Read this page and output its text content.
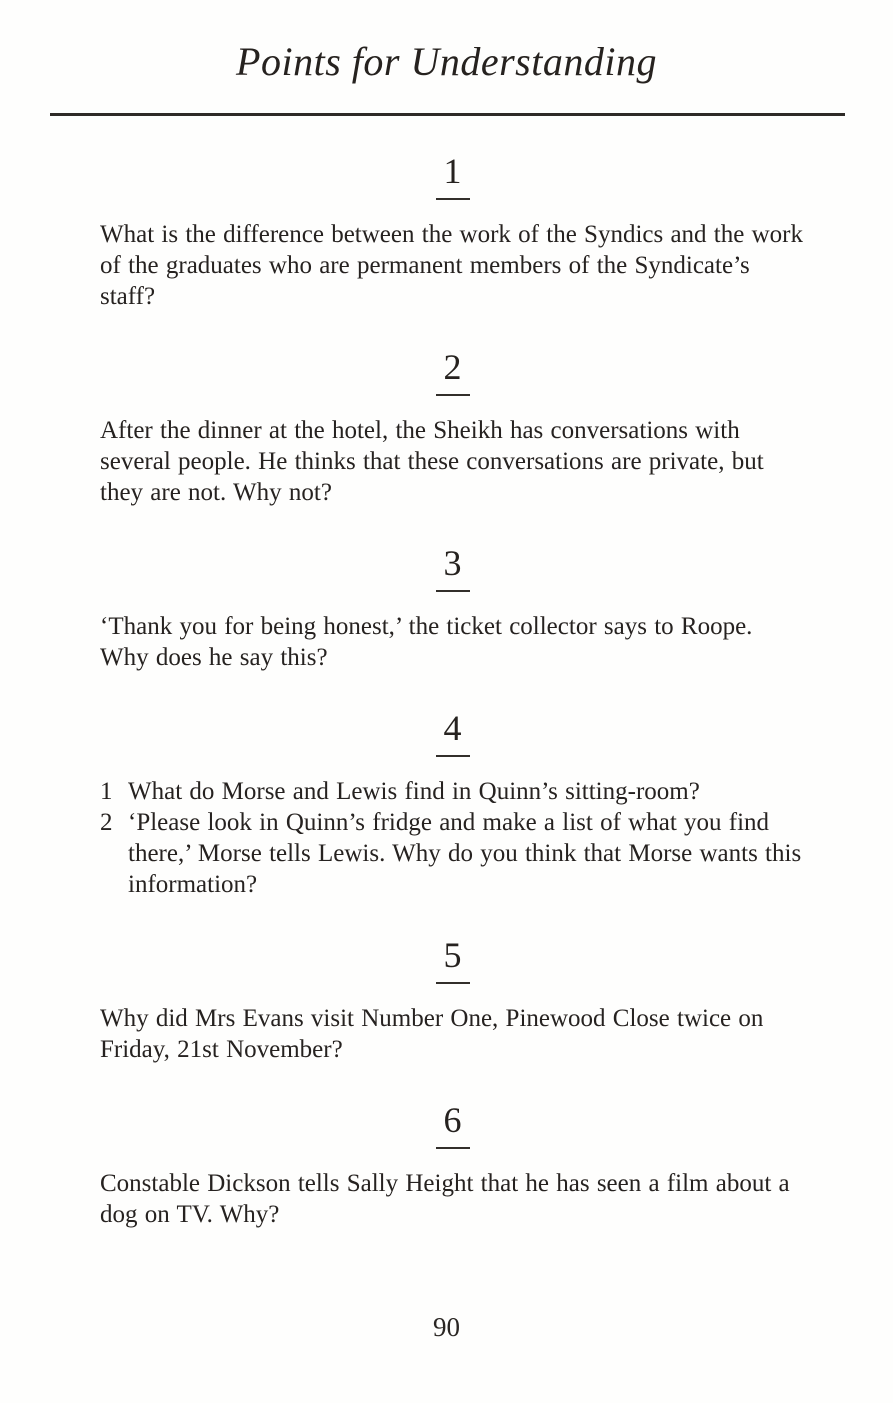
Points for Understanding
1

What is the difference between the work of the Syndics and the work of the graduates who are permanent members of the Syndicate’s staff?

2

After the dinner at the hotel, the Sheikh has conversations with several people. He thinks that these conversations are private, but they are not. Why not?

3

‘Thank you for being honest,’ the ticket collector says to Roope. Why does he say this?

4
1 What do Morse and Lewis find in Quinn’s sitting-room?
2 ‘Please look in Quinn’s fridge and make a list of what you find there,’ Morse tells Lewis. Why do you think that Morse wants this information?
5

Why did Mrs Evans visit Number One, Pinewood Close twice on Friday, 21st November?

6

Constable Dickson tells Sally Height that he has seen a film about a dog on TV. Why?

90
